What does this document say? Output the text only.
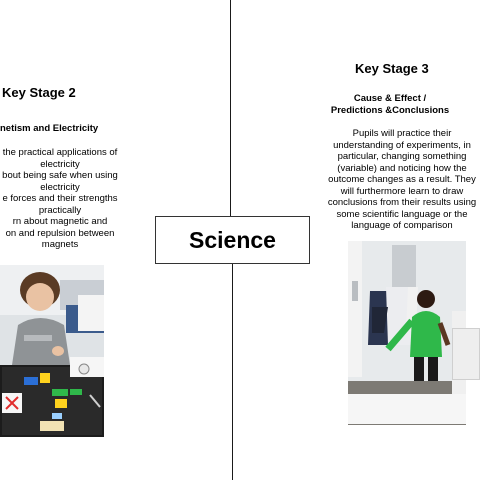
Key Stage 2
netism and Electricity
the practical applications of
electricity
bout being safe when using
electricity
e forces and their strengths
practically
rn about magnetic and
on and repulsion between
magnets	Science
Key Stage 3
Cause & Effect / Predictions &Conclusions
Pupils will practice their understanding of experiments, in particular, changing something (variable) and noticing how the outcome changes as a result. They will furthermore learn to draw conclusions from their results using some scientific language or the language of comparison
